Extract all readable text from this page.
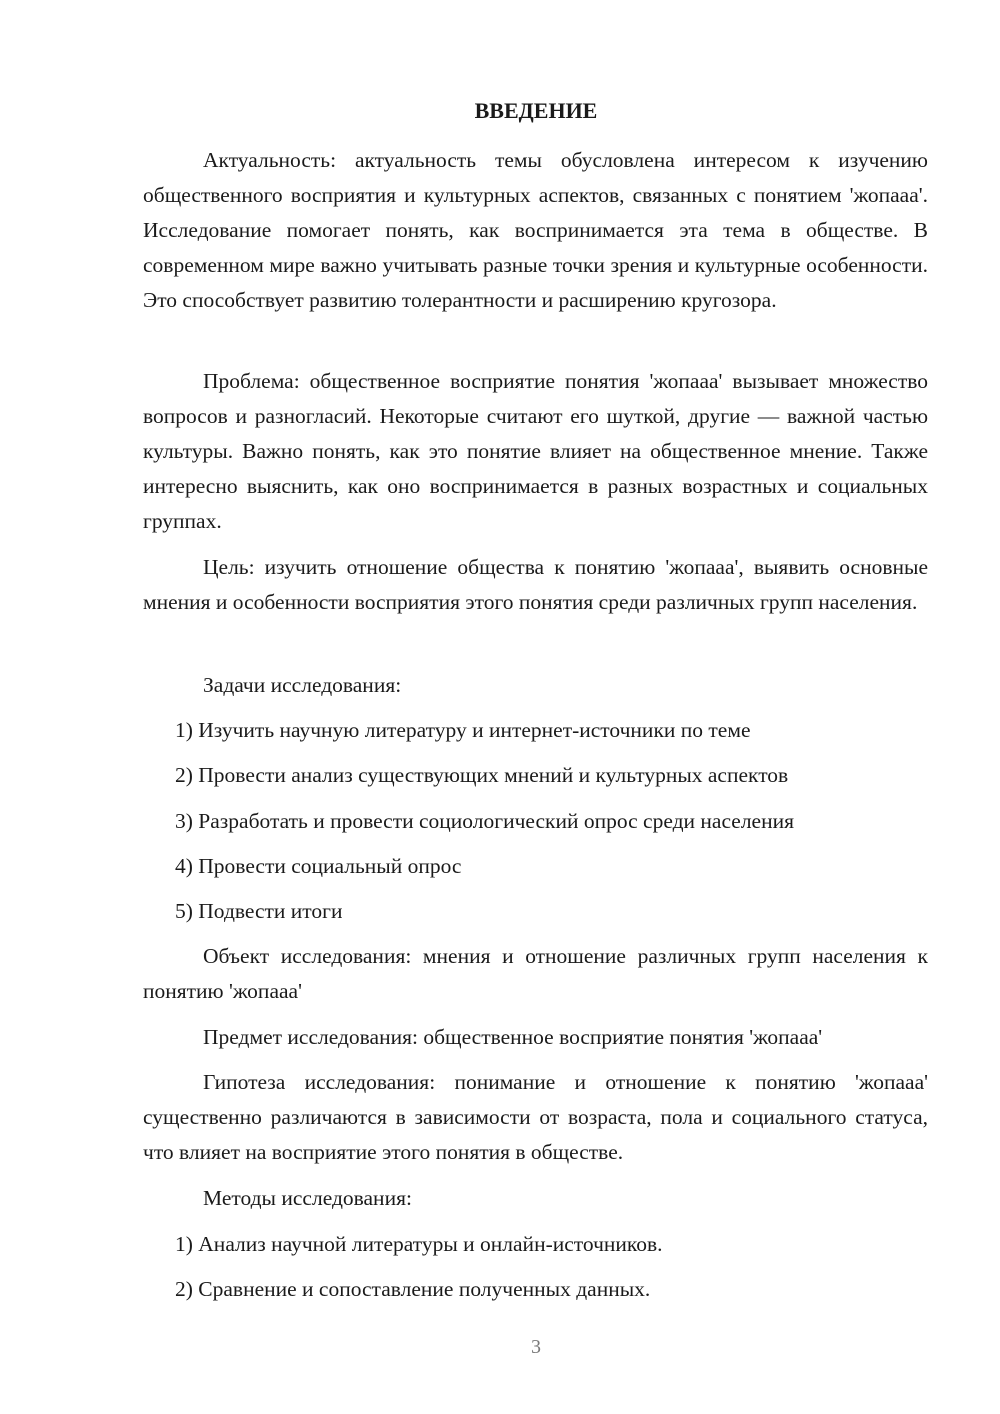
ВВЕДЕНИЕ

Актуальность: актуальность темы обусловлена интересом к изучению общественного восприятия и культурных аспектов, связанных с понятием 'жопааа'. Исследование помогает понять, как воспринимается эта тема в обществе. В современном мире важно учитывать разные точки зрения и культурные особенности. Это способствует развитию толерантности и расширению кругозора.

Проблема: общественное восприятие понятия 'жопааа' вызывает множество вопросов и разногласий. Некоторые считают его шуткой, другие — важной частью культуры. Важно понять, как это понятие влияет на общественное мнение. Также интересно выяснить, как оно воспринимается в разных возрастных и социальных группах.

Цель: изучить отношение общества к понятию 'жопааа', выявить основные мнения и особенности восприятия этого понятия среди различных групп населения.

Задачи исследования:

1) Изучить научную литературу и интернет-источники по теме

2) Провести анализ существующих мнений и культурных аспектов

3) Разработать и провести социологический опрос среди населения

4) Провести социальный опрос

5) Подвести итоги

Объект исследования: мнения и отношение различных групп населения к понятию 'жопааа'

Предмет исследования: общественное восприятие понятия 'жопааа'

Гипотеза исследования: понимание и отношение к понятию 'жопааа' существенно различаются в зависимости от возраста, пола и социального статуса, что влияет на восприятие этого понятия в обществе.

Методы исследования:

1) Анализ научной литературы и онлайн-источников.

2) Сравнение и сопоставление полученных данных.

3
